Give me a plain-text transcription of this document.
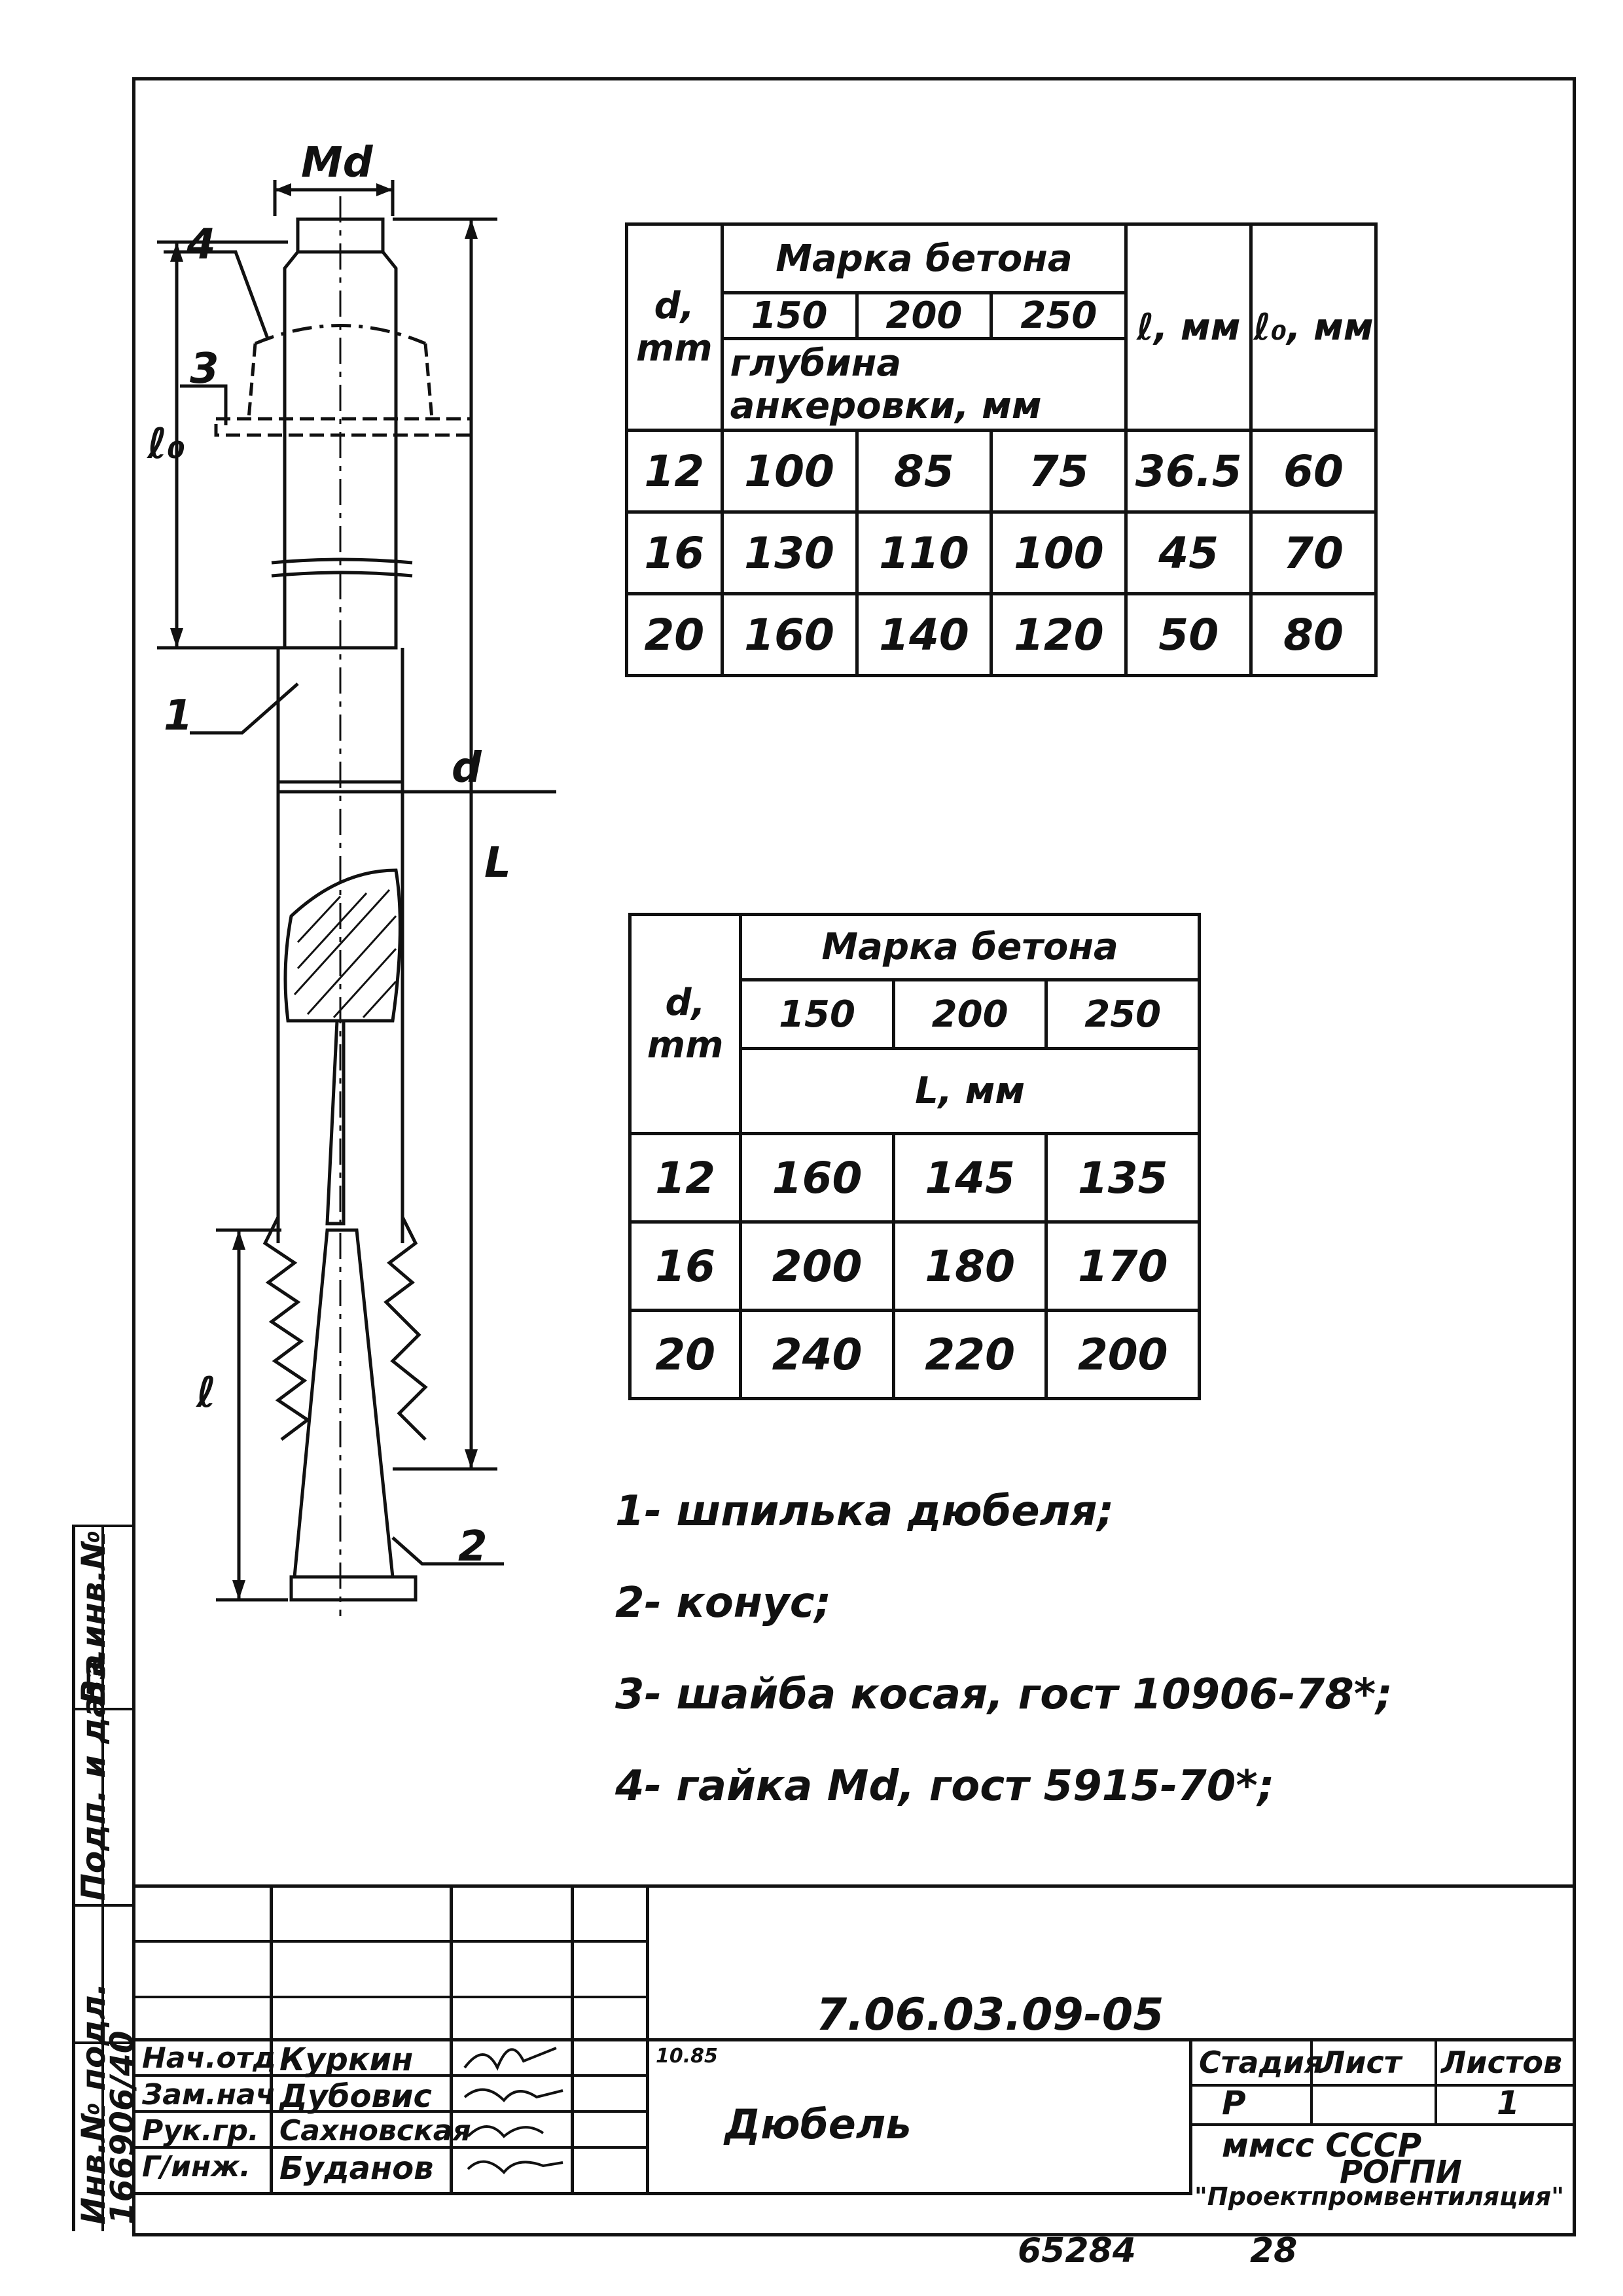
Md
4
3
1
2
d
L
ℓ
ℓ₀
d, mm	Марка бетона			ℓ, мм	ℓ₀, мм
	150	200	250		
	глубина анкеровки, мм				
12	100	85	75	36.5	60
16	130	110	100	45	70
20	160	140	120	50	80
d, mm	Марка бетона		
	150	200	250
	L, мм		
12	160	145	135
16	200	180	170
20	240	220	200
1- шпилька дюбеля;
2- конус;
3- шайба косая, гост 10906-78*;
4- гайка Мd, гост 5915-70*;
7.06.03.09-05
Дюбель
10.85
Нач.отд Куркин
Зам.нач Дубовис
Рук.гр. Сахновская
Г/инж. Буданов
Стадия
Лист Листов
Р	1
ммсс СССР
РОГПИ
"Проектпромвентиляция"
65284	28
Вз.инв.№
Подп. и дата
Инв.№ подл.
166906/40
